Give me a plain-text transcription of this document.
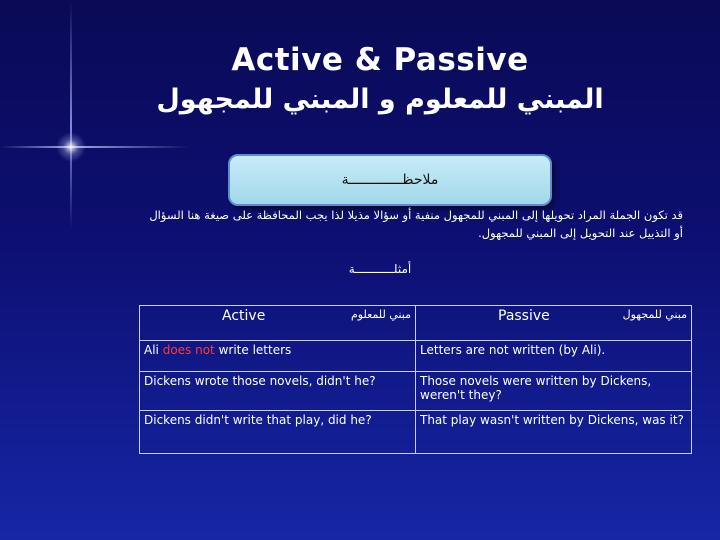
Active & Passive
المبني للمعلوم و المبني للمجهول
ملاحظـــــــــــــة
قد تكون الجملة المراد تحويلها إلى المبني للمجهول منفية أو سؤالا مذيلا لذا يجب المحافظة على صيغة هنا السؤال
أو التذييل عند التحويل إلى المبني للمجهول.
أمثلـــــــــــة
Active مبني للمعلوم	Passive مبني للمجهول

Ali does not write letters	Letters are not written (by Ali).
Dickens wrote those novels, didn't he?	Those novels were written by Dickens, weren't they?
Dickens didn't write that play, did he?	That play wasn't written by Dickens, was it?
